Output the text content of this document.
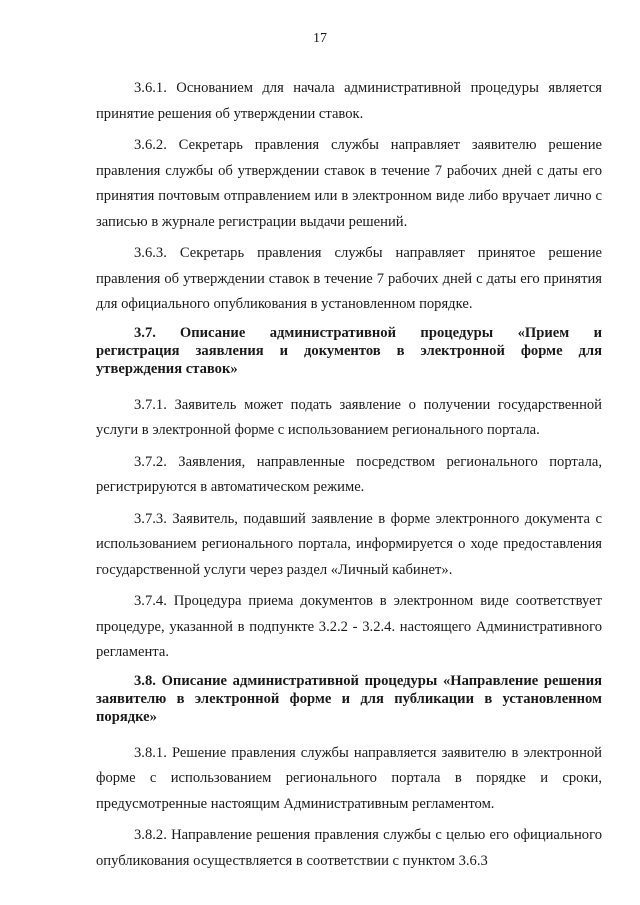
17

3.6.1. Основанием для начала административной процедуры является принятие решения об утверждении ставок.

3.6.2. Секретарь правления службы направляет заявителю решение правления службы об утверждении ставок в течение 7 рабочих дней с даты его принятия почтовым отправлением или в электронном виде либо вручает лично с записью в журнале регистрации выдачи решений.

3.6.3. Секретарь правления службы направляет принятое решение правления об утверждении ставок в течение 7 рабочих дней с даты его принятия для официального опубликования в установленном порядке.

3.7. Описание административной процедуры «Прием и регистрация заявления и документов в электронной форме для утверждения ставок»

3.7.1. Заявитель может подать заявление о получении государственной услуги в электронной форме с использованием регионального портала.

3.7.2. Заявления, направленные посредством регионального портала, регистрируются в автоматическом режиме.

3.7.3. Заявитель, подавший заявление в форме электронного документа с использованием регионального портала, информируется о ходе предоставления государственной услуги через раздел «Личный кабинет».

3.7.4. Процедура приема документов в электронном виде соответствует процедуре, указанной в подпункте 3.2.2 - 3.2.4. настоящего Административного регламента.

3.8. Описание административной процедуры «Направление решения заявителю в электронной форме и для публикации в установленном порядке»

3.8.1. Решение правления службы направляется заявителю в электронной форме с использованием регионального портала в порядке и сроки, предусмотренные настоящим Административным регламентом.

3.8.2. Направление решения правления службы с целью его официального опубликования осуществляется в соответствии с пунктом 3.6.3
